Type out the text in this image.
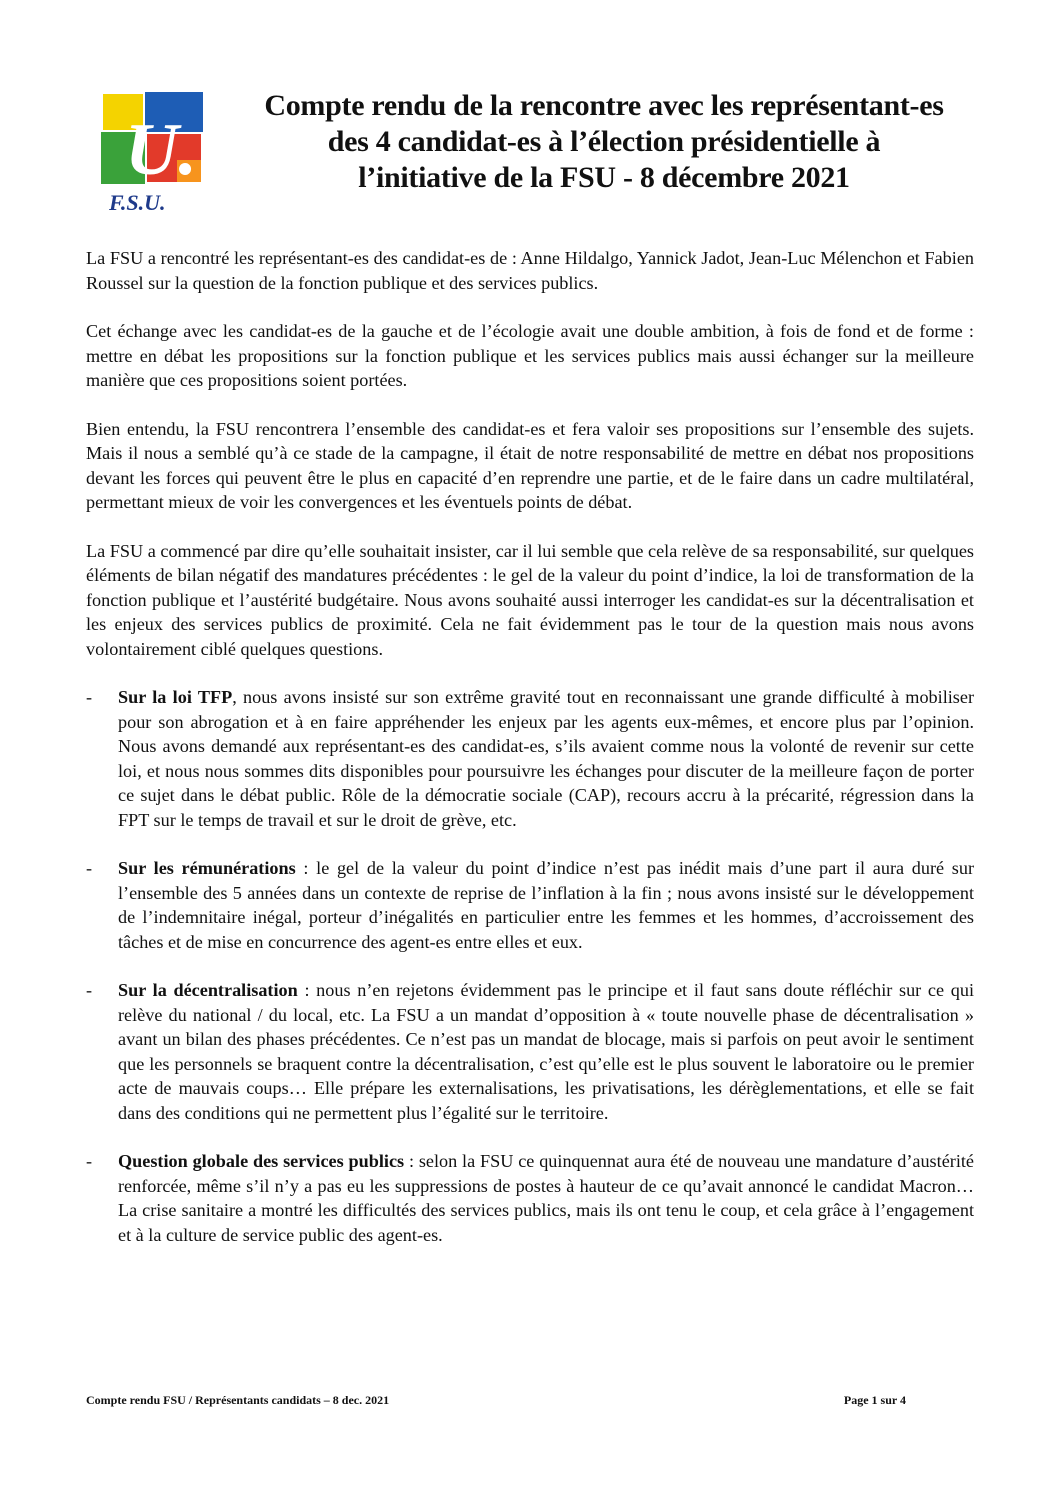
U.
F.S.U.
Compte rendu de la rencontre avec les représentant-es
des 4 candidat-es à l’élection présidentielle à
l’initiative de la FSU - 8 décembre 2021

La FSU a rencontré les représentant-es des candidat-es de : Anne Hildalgo, Yannick Jadot, Jean-Luc Mélenchon et Fabien Roussel sur la question de la fonction publique et des services publics.

Cet échange avec les candidat-es de la gauche et de l’écologie avait une double ambition, à fois de fond et de forme : mettre en débat les propositions sur la fonction publique et les services publics mais aussi échanger sur la meilleure manière que ces propositions soient portées.

Bien entendu, la FSU rencontrera l’ensemble des candidat-es et fera valoir ses propositions sur l’ensemble des sujets. Mais il nous a semblé qu’à ce stade de la campagne, il était de notre responsabilité de mettre en débat nos propositions devant les forces qui peuvent être le plus en capacité d’en reprendre une partie, et de le faire dans un cadre multilatéral, permettant mieux de voir les convergences et les éventuels points de débat.

La FSU a commencé par dire qu’elle souhaitait insister, car il lui semble que cela relève de sa responsabilité, sur quelques éléments de bilan négatif des mandatures précédentes : le gel de la valeur du point d’indice, la loi de transformation de la fonction publique et l’austérité budgétaire. Nous avons souhaité aussi interroger les candidat-es sur la décentralisation et les enjeux des services publics de proximité. Cela ne fait évidemment pas le tour de la question mais nous avons volontairement ciblé quelques questions.

- Sur la loi TFP, nous avons insisté sur son extrême gravité tout en reconnaissant une grande difficulté à mobiliser pour son abrogation et à en faire appréhender les enjeux par les agents eux-mêmes, et encore plus par l’opinion. Nous avons demandé aux représentant-es des candidat-es, s’ils avaient comme nous la volonté de revenir sur cette loi, et nous nous sommes dits disponibles pour poursuivre les échanges pour discuter de la meilleure façon de porter ce sujet dans le débat public. Rôle de la démocratie sociale (CAP), recours accru à la précarité, régression dans la FPT sur le temps de travail et sur le droit de grève, etc.
- Sur les rémunérations : le gel de la valeur du point d’indice n’est pas inédit mais d’une part il aura duré sur l’ensemble des 5 années dans un contexte de reprise de l’inflation à la fin ; nous avons insisté sur le développement de l’indemnitaire inégal, porteur d’inégalités en particulier entre les femmes et les hommes, d’accroissement des tâches et de mise en concurrence des agent-es entre elles et eux.
- Sur la décentralisation : nous n’en rejetons évidemment pas le principe et il faut sans doute réfléchir sur ce qui relève du national / du local, etc. La FSU a un mandat d’opposition à « toute nouvelle phase de décentralisation » avant un bilan des phases précédentes. Ce n’est pas un mandat de blocage, mais si parfois on peut avoir le sentiment que les personnels se braquent contre la décentralisation, c’est qu’elle est le plus souvent le laboratoire ou le premier acte de mauvais coups… Elle prépare les externalisations, les privatisations, les dérèglementations, et elle se fait dans des conditions qui ne permettent plus l’égalité sur le territoire.
- Question globale des services publics : selon la FSU ce quinquennat aura été de nouveau une mandature d’austérité renforcée, même s’il n’y a pas eu les suppressions de postes à hauteur de ce qu’avait annoncé le candidat Macron… La crise sanitaire a montré les difficultés des services publics, mais ils ont tenu le coup, et cela grâce à l’engagement et à la culture de service public des agent-es.
Compte rendu FSU / Représentants candidats – 8 dec. 2021	Page 1 sur 4
